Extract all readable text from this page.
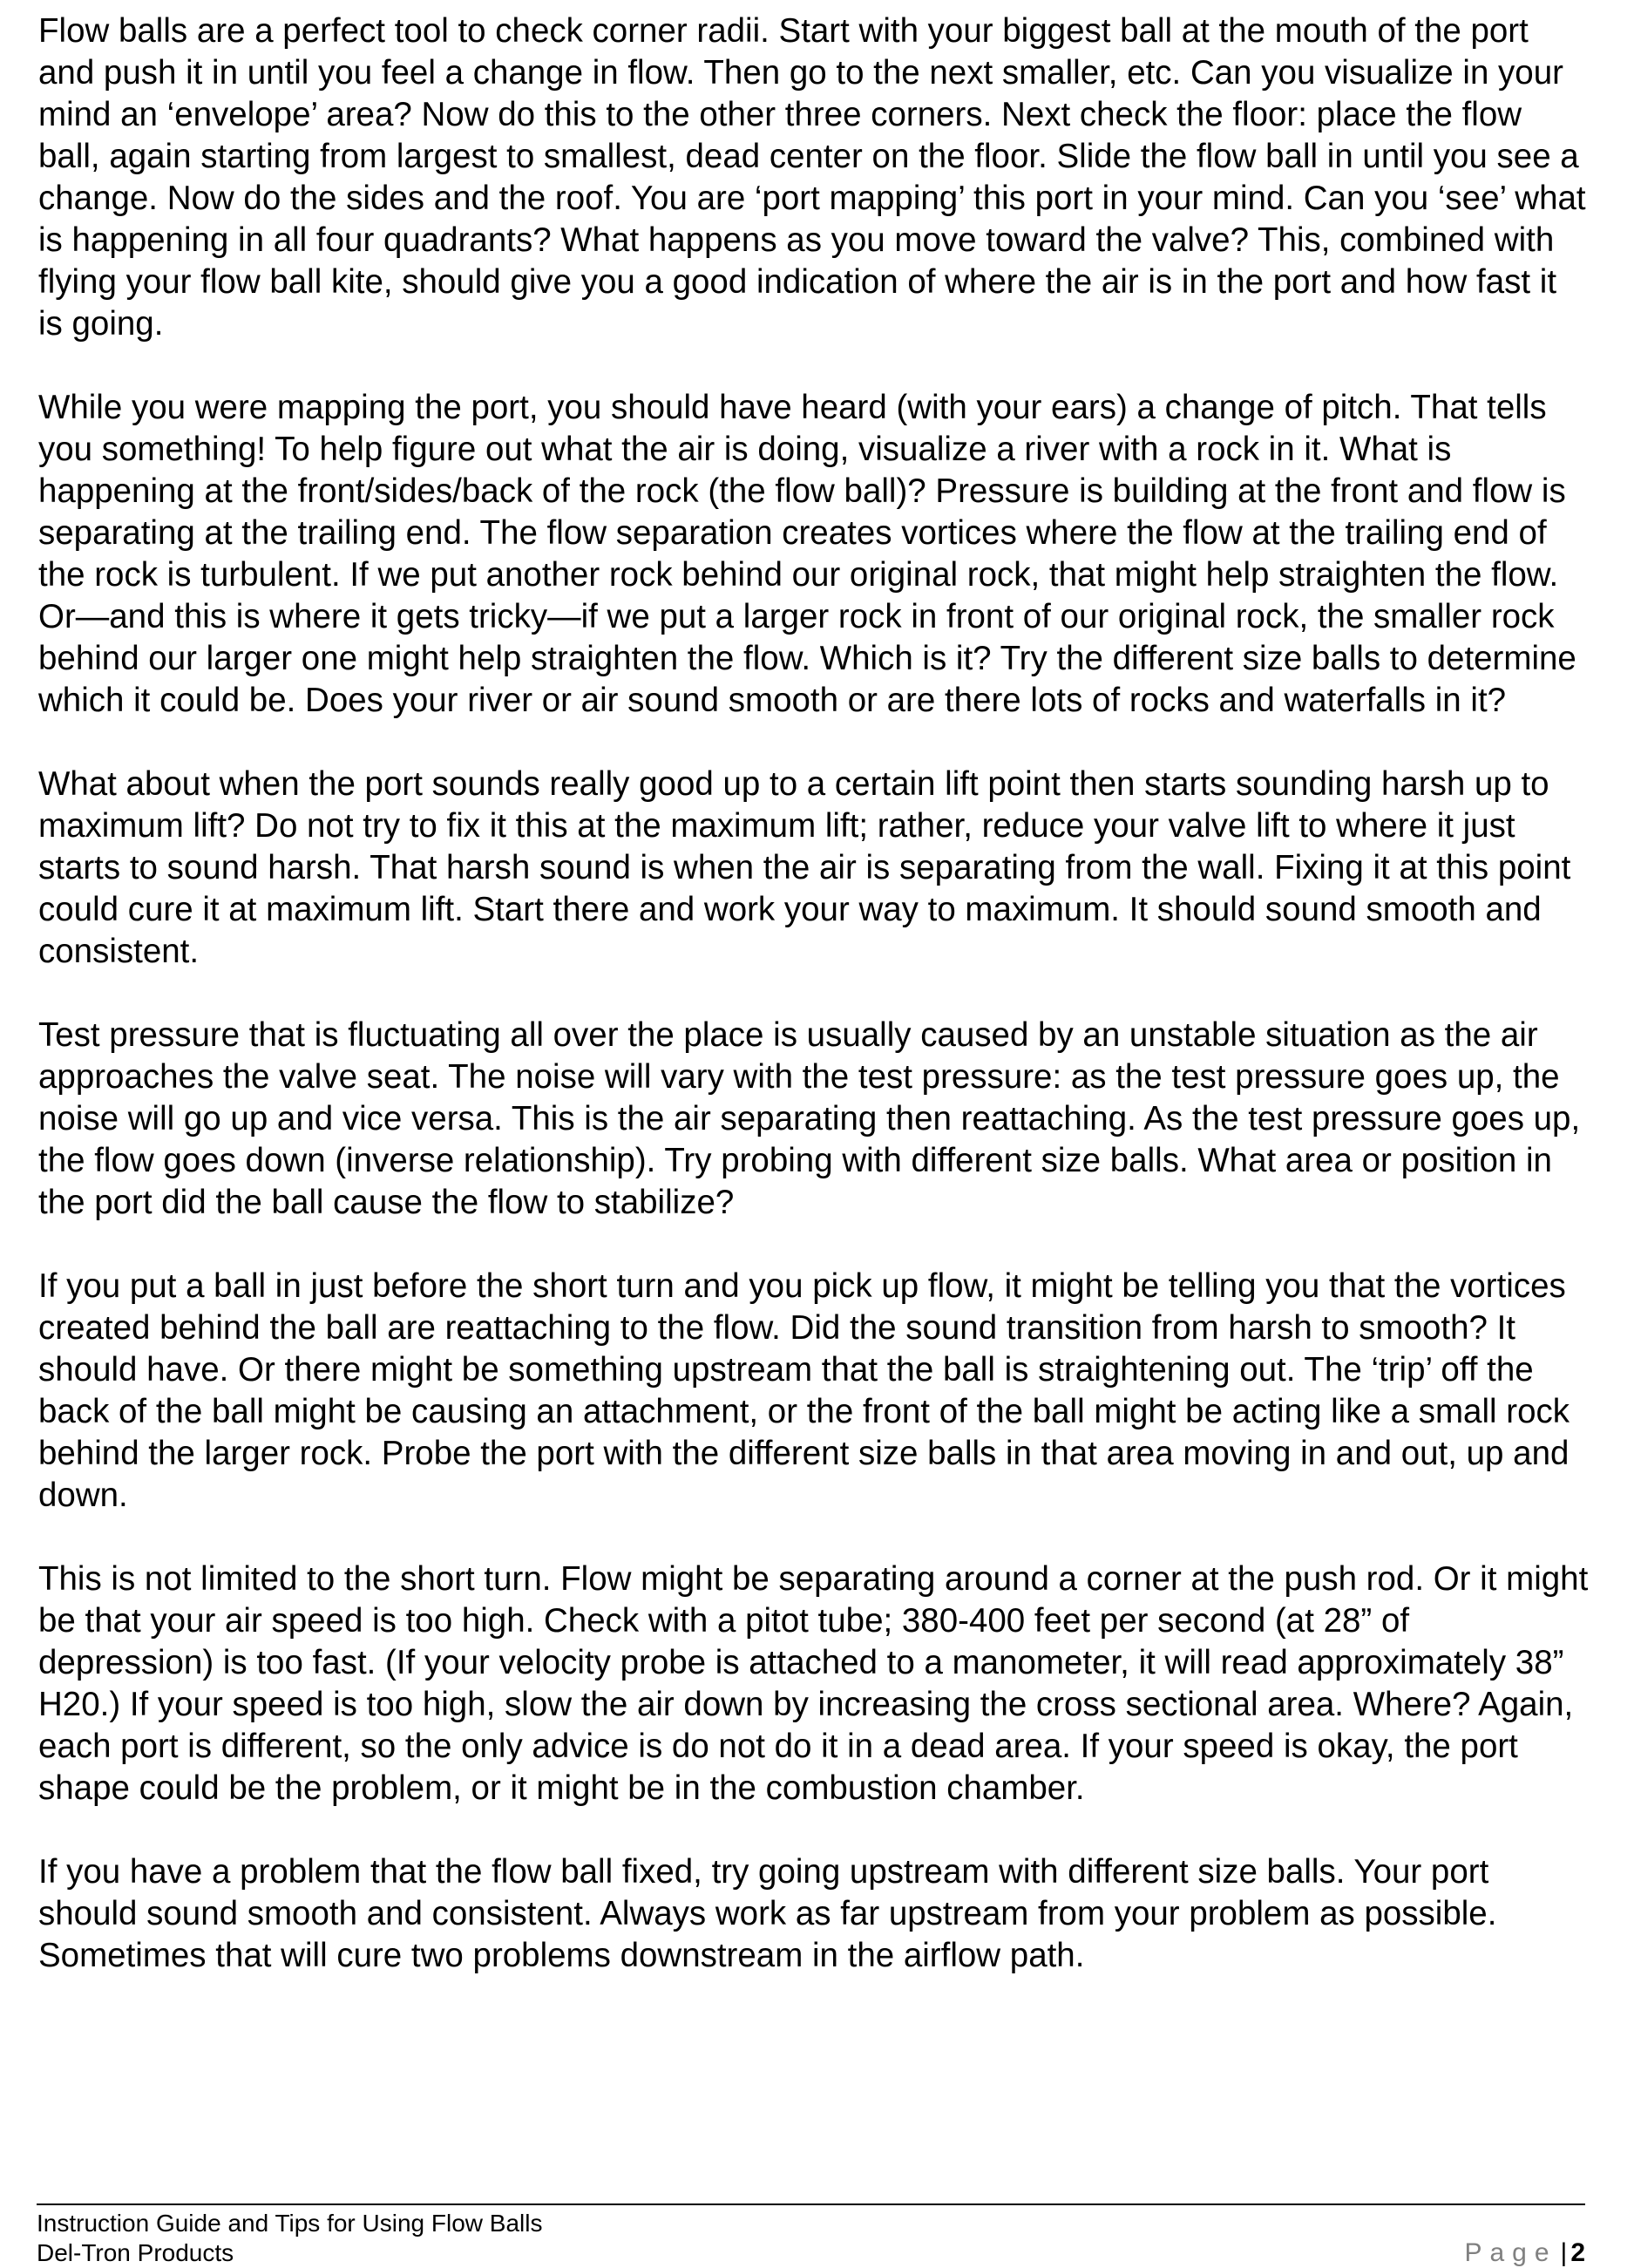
Flow balls are a perfect tool to check corner radii. Start with your biggest ball at the mouth of the port and push it in until you feel a change in flow. Then go to the next smaller, etc. Can you visualize in your mind an ‘envelope’ area? Now do this to the other three corners. Next check the floor: place the flow ball, again starting from largest to smallest, dead center on the floor. Slide the flow ball in until you see a change. Now do the sides and the roof. You are ‘port mapping’ this port in your mind. Can you ‘see’ what is happening in all four quadrants? What happens as you move toward the valve? This, combined with flying your flow ball kite, should give you a good indication of where the air is in the port and how fast it is going.

While you were mapping the port, you should have heard (with your ears) a change of pitch. That tells you something! To help figure out what the air is doing, visualize a river with a rock in it. What is happening at the front/sides/back of the rock (the flow ball)? Pressure is building at the front and flow is separating at the trailing end. The flow separation creates vortices where the flow at the trailing end of the rock is turbulent. If we put another rock behind our original rock, that might help straighten the flow. Or—and this is where it gets tricky—if we put a larger rock in front of our original rock, the smaller rock behind our larger one might help straighten the flow. Which is it? Try the different size balls to determine which it could be. Does your river or air sound smooth or are there lots of rocks and waterfalls in it?

What about when the port sounds really good up to a certain lift point then starts sounding harsh up to maximum lift? Do not try to fix it this at the maximum lift; rather, reduce your valve lift to where it just starts to sound harsh. That harsh sound is when the air is separating from the wall. Fixing it at this point could cure it at maximum lift. Start there and work your way to maximum. It should sound smooth and consistent.

Test pressure that is fluctuating all over the place is usually caused by an unstable situation as the air approaches the valve seat. The noise will vary with the test pressure: as the test pressure goes up, the noise will go up and vice versa. This is the air separating then reattaching. As the test pressure goes up, the flow goes down (inverse relationship). Try probing with different size balls. What area or position in the port did the ball cause the flow to stabilize?

If you put a ball in just before the short turn and you pick up flow, it might be telling you that the vortices created behind the ball are reattaching to the flow. Did the sound transition from harsh to smooth? It should have. Or there might be something upstream that the ball is straightening out. The ‘trip’ off the back of the ball might be causing an attachment, or the front of the ball might be acting like a small rock behind the larger rock. Probe the port with the different size balls in that area moving in and out, up and down.

This is not limited to the short turn. Flow might be separating around a corner at the push rod. Or it might be that your air speed is too high. Check with a pitot tube; 380-400 feet per second (at 28” of depression) is too fast. (If your velocity probe is attached to a manometer, it will read approximately 38” H20.) If your speed is too high, slow the air down by increasing the cross sectional area. Where? Again, each port is different, so the only advice is do not do it in a dead area. If your speed is okay, the port shape could be the problem, or it might be in the combustion chamber.

If you have a problem that the flow ball fixed, try going upstream with different size balls. Your port should sound smooth and consistent. Always work as far upstream from your problem as possible. Sometimes that will cure two problems downstream in the airflow path.

Instruction Guide and Tips for Using Flow Balls
Del-Tron Products	Page | 2
